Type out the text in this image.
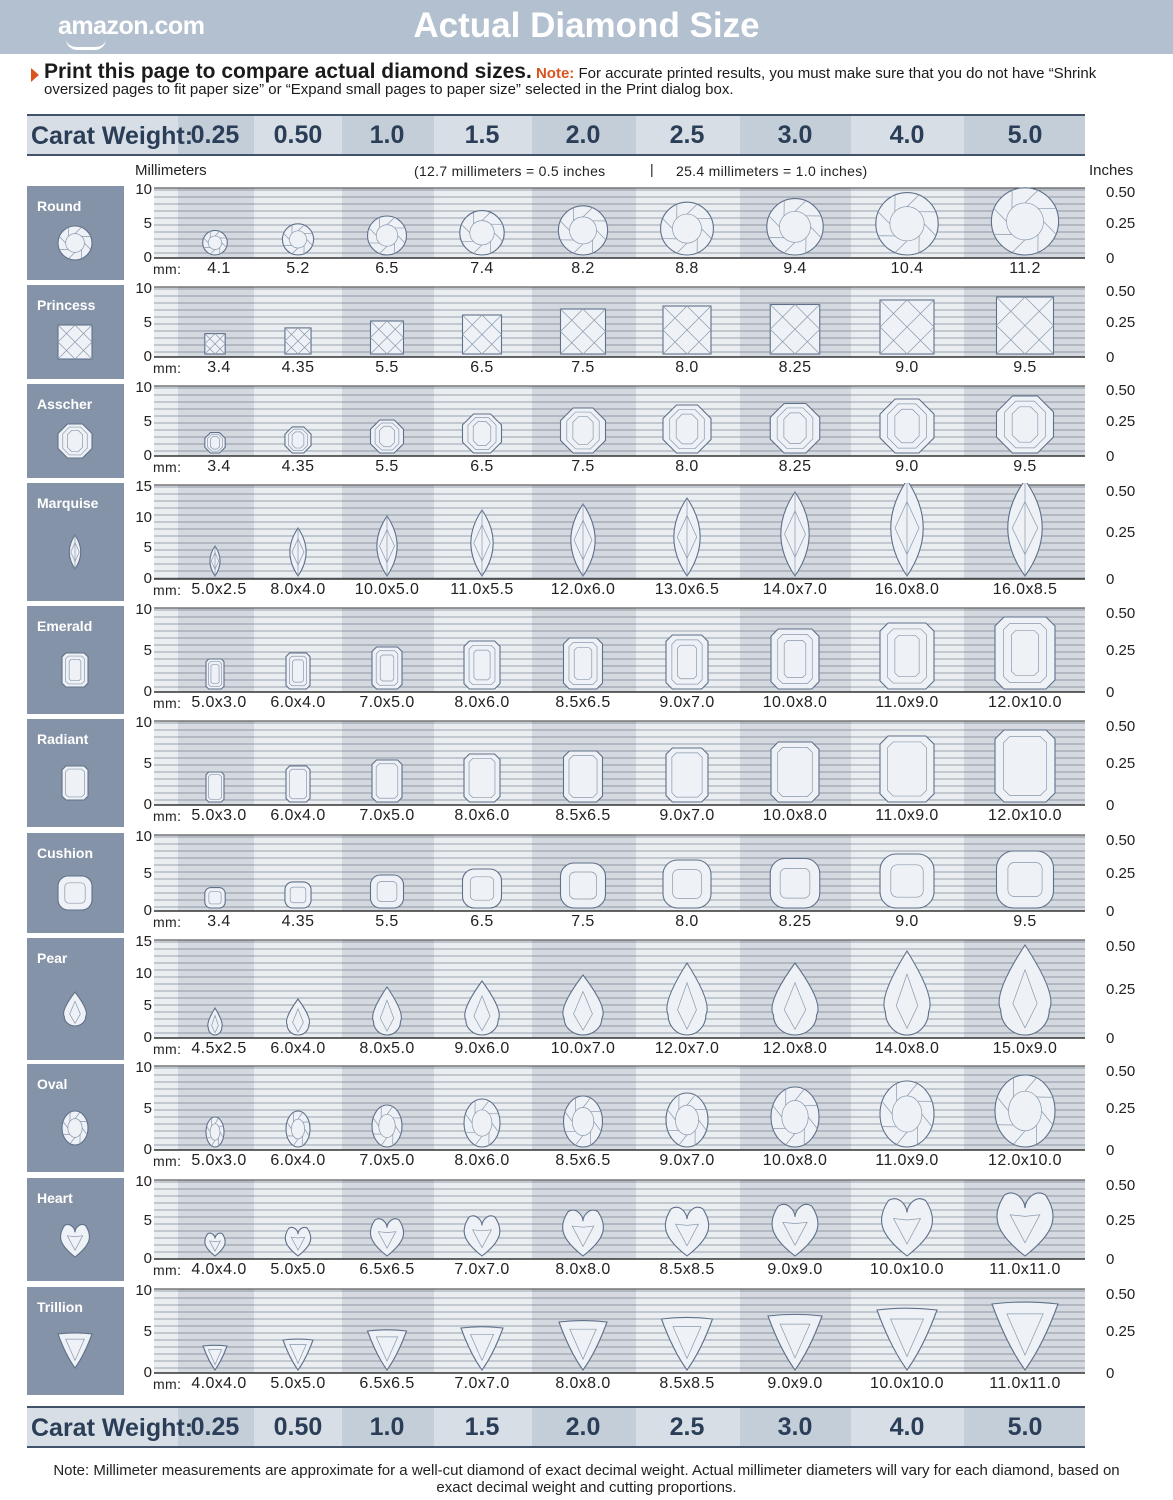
amazon.com	Actual Diamond Size
Print this page to compare actual diamond sizes. Note: For accurate printed results, you must make sure that you do not have “Shrink oversized pages to fit paper size” or “Expand small pages to paper size” selected in the Print dialog box.
Carat Weight:
0.25	0.50	1.0	1.5	2.0	2.5	3.0	4.0	5.0
Millimeters	(12.7 millimeters = 0.5 inches	| 25.4 millimeters = 1.0 inches)	Inches
Round
10
5
0
0.50
0.25
0
mm:	4.1	5.2	6.5	7.4	8.2	8.8	9.4	10.4	11.2
Princess
10
5
0
0.50
0.25
0
mm:	3.4	4.35	5.5	6.5	7.5	8.0	8.25	9.0	9.5
Asscher
10
5
0
0.50
0.25
0
mm:	3.4	4.35	5.5	6.5	7.5	8.0	8.25	9.0	9.5
Marquise
15
10
5
0
0.50
0.25
0
mm: 5.0x2.5	8.0x4.0	10.0x5.0	11.0x5.5	12.0x6.0	13.0x6.5	14.0x7.0	16.0x8.0	16.0x8.5
Emerald
10
5
0
0.50
0.25
0
mm: 5.0x3.0	6.0x4.0	7.0x5.0	8.0x6.0	8.5x6.5	9.0x7.0	10.0x8.0	11.0x9.0	12.0x10.0
Radiant
10
5
0
0.50
0.25
0
mm: 5.0x3.0	6.0x4.0	7.0x5.0	8.0x6.0	8.5x6.5	9.0x7.0	10.0x8.0	11.0x9.0	12.0x10.0
Cushion
10
5
0
0.50
0.25
0
mm:	3.4	4.35	5.5	6.5	7.5	8.0	8.25	9.0	9.5
Pear
15
10
5
0
0.50
0.25
0
mm: 4.5x2.5	6.0x4.0	8.0x5.0	9.0x6.0	10.0x7.0	12.0x7.0	12.0x8.0	14.0x8.0	15.0x9.0
Oval
10
5
0
0.50
0.25
0
mm: 5.0x3.0	6.0x4.0	7.0x5.0	8.0x6.0	8.5x6.5	9.0x7.0	10.0x8.0	11.0x9.0	12.0x10.0
Heart
10
5
0
0.50
0.25
0
mm: 4.0x4.0	5.0x5.0	6.5x6.5	7.0x7.0	8.0x8.0	8.5x8.5	9.0x9.0	10.0x10.0	11.0x11.0
Trillion
10
5
0
0.50
0.25
0
mm: 4.0x4.0	5.0x5.0	6.5x6.5	7.0x7.0	8.0x8.0	8.5x8.5	9.0x9.0	10.0x10.0	11.0x11.0
Carat Weight:
0.25	0.50	1.0	1.5	2.0	2.5	3.0	4.0	5.0
Note: Millimeter measurements are approximate for a well-cut diamond of exact decimal weight. Actual millimeter diameters will vary for each diamond, based on exact decimal weight and cutting proportions.
